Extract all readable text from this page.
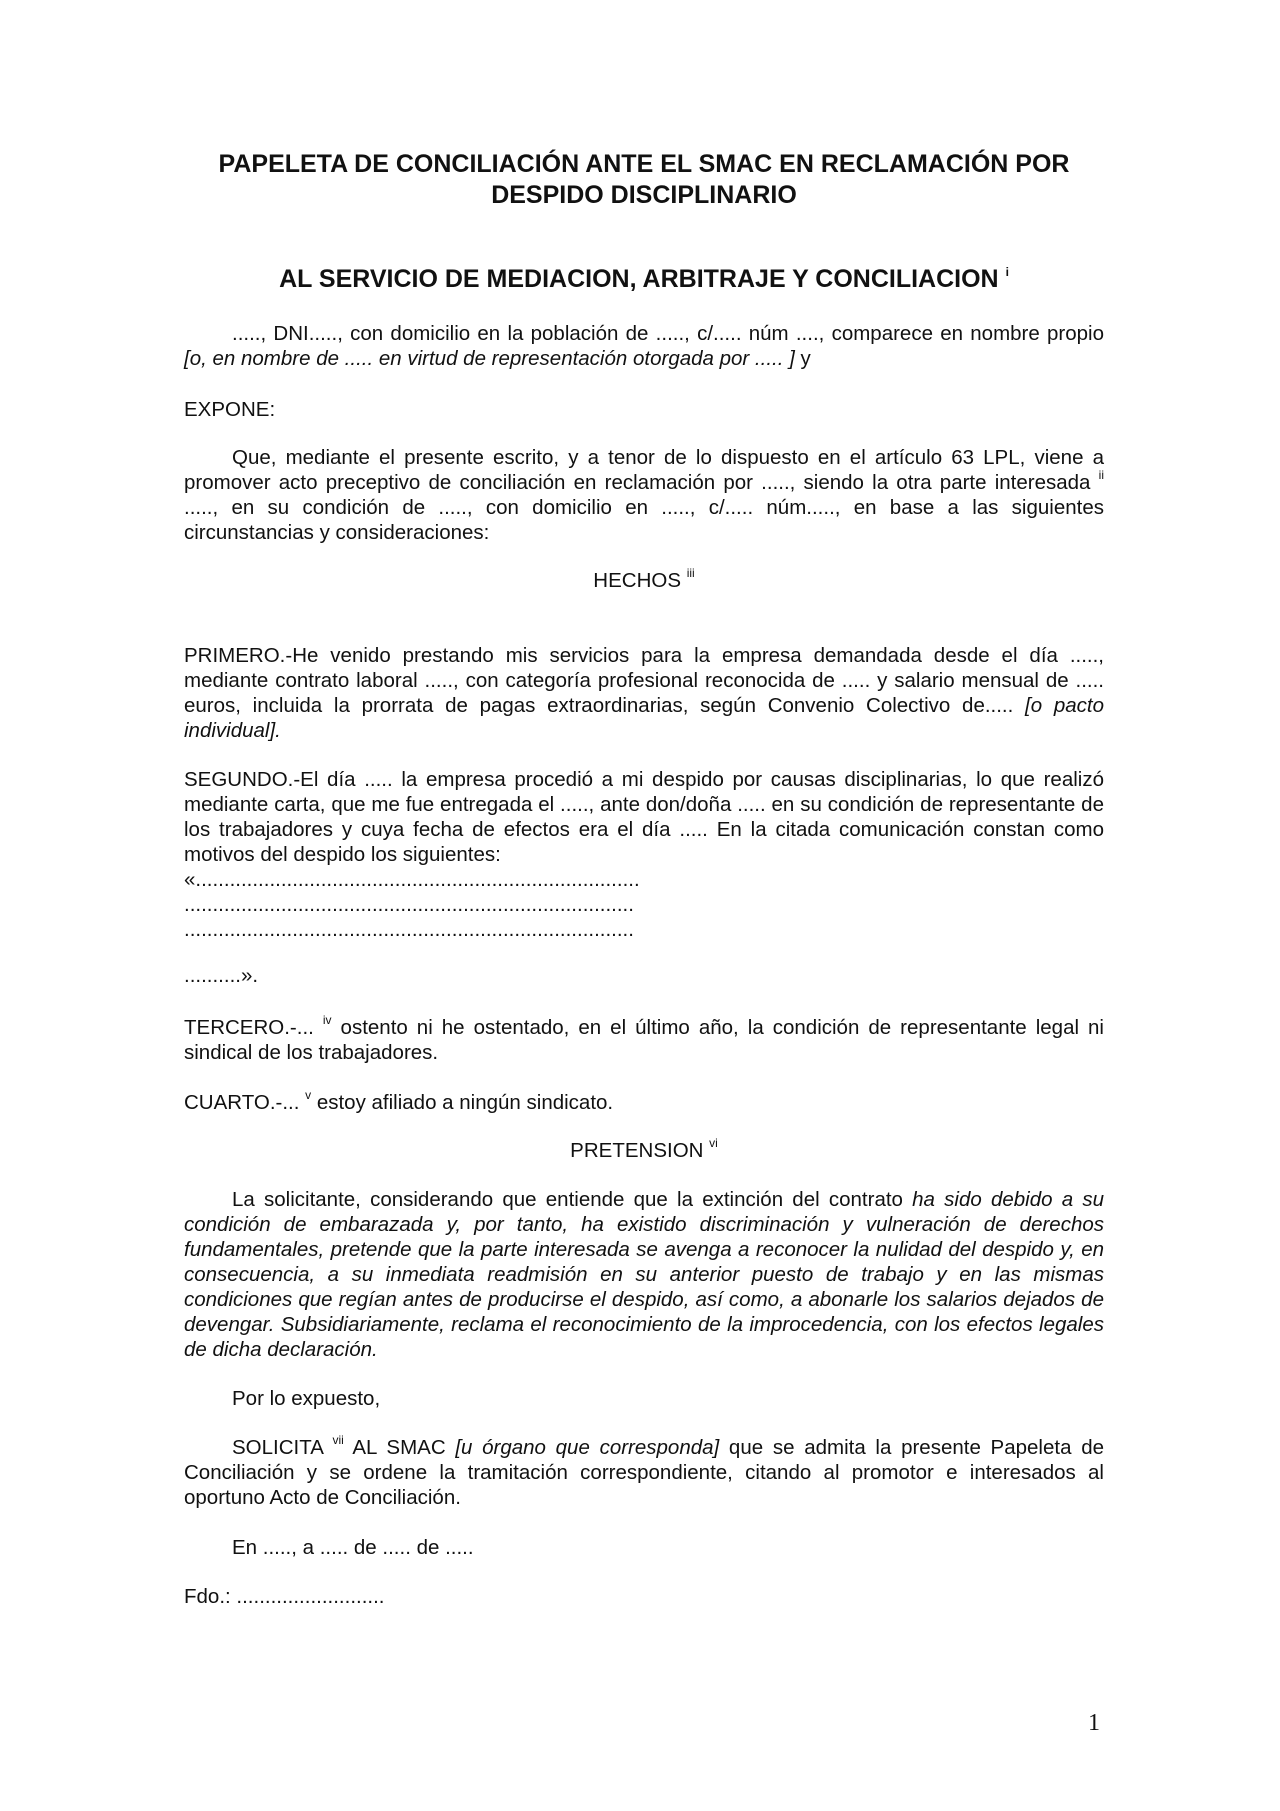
PAPELETA DE CONCILIACIÓN ANTE EL SMAC EN RECLAMACIÓN POR
DESPIDO DISCIPLINARIO
AL SERVICIO DE MEDIACION, ARBITRAJE Y CONCILIACION $^i$
....., DNI....., con domicilio en la población de ....., c/..... núm ...., comparece en nombre propio [o, en nombre de ..... en virtud de representación otorgada por ..... ] y
EXPONE:
Que, mediante el presente escrito, y a tenor de lo dispuesto en el artículo 63 LPL, viene a promover acto preceptivo de conciliación en reclamación por ....., siendo la otra parte interesada $^{ii}$ ....., en su condición de ....., con domicilio en ....., c/..... núm....., en base a las siguientes circunstancias y consideraciones:
HECHOS $^{iii}$
PRIMERO.-He venido prestando mis servicios para la empresa demandada desde el día ....., mediante contrato laboral ....., con categoría profesional reconocida de ..... y salario mensual de ..... euros, incluida la prorrata de pagas extraordinarias, según Convenio Colectivo de..... [o pacto individual].
SEGUNDO.-El día ..... la empresa procedió a mi despido por causas disciplinarias, lo que realizó mediante carta, que me fue entregada el ....., ante don/doña ..... en su condición de representante de los trabajadores y cuya fecha de efectos era el día ..... En la citada comunicación constan como motivos del despido los siguientes:
«..............................................................................
...............................................................................
...............................................................................
..........».
TERCERO.-... $^{iv}$ ostento ni he ostentado, en el último año, la condición de representante legal ni sindical de los trabajadores.
CUARTO.-... $^v$ estoy afiliado a ningún sindicato.
PRETENSION $^{vi}$
La solicitante, considerando que entiende que la extinción del contrato ha sido debido a su condición de embarazada y, por tanto, ha existido discriminación y vulneración de derechos fundamentales, pretende que la parte interesada se avenga a reconocer la nulidad del despido y, en consecuencia, a su inmediata readmisión en su anterior puesto de trabajo y en las mismas condiciones que regían antes de producirse el despido, así como, a abonarle los salarios dejados de devengar. Subsidiariamente, reclama el reconocimiento de la improcedencia, con los efectos legales de dicha declaración.
Por lo expuesto,
SOLICITA $^{vii}$ AL SMAC [u órgano que corresponda] que se admita la presente Papeleta de Conciliación y se ordene la tramitación correspondiente, citando al promotor e interesados al oportuno Acto de Conciliación.
En ....., a ..... de ..... de .....
Fdo.: ..........................
1
